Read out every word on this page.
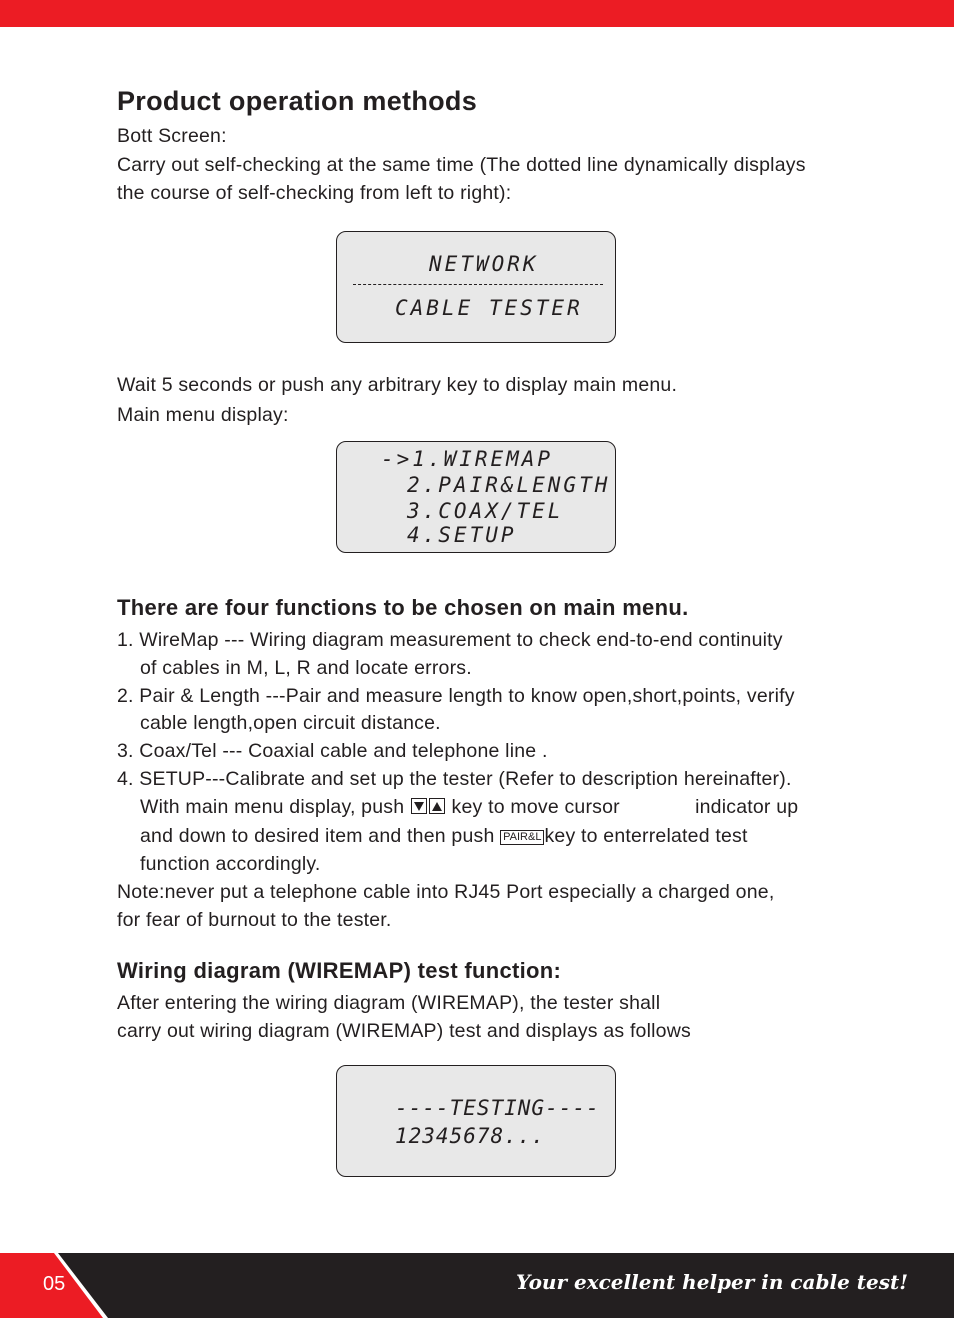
Product operation methods
Bott Screen:
Carry out self-checking at the same time (The dotted line dynamically displays
the course of self-checking from left to right):
NETWORK
CABLE TESTER
Wait 5 seconds or push any arbitrary key to display main menu.
Main menu display:
->1.WIREMAP
2.PAIR&LENGTH
3.COAX/TEL
4.SETUP
There are four functions to be chosen on main menu.
1. WireMap --- Wiring diagram measurement to check end-to-end continuity
of cables in M, L, R and locate errors.
2. Pair & Length ---Pair and measure length to know open,short,points, verify
cable length,open circuit distance.
3. Coax/Tel --- Coaxial cable and telephone line .
4. SETUP---Calibrate and set up the tester (Refer to description hereinafter).
With main menu display, push key to move cursor	indicator up
and down to desired item and then push PAIR&L key to enterrelated test
function accordingly.
Note:never put a telephone cable into RJ45 Port especially a charged one,
for fear of burnout to the tester.
Wiring diagram (WIREMAP) test function:
After entering the wiring diagram (WIREMAP), the tester shall
carry out wiring diagram (WIREMAP) test and displays as follows
----TESTING----
12345678...
05	Your excellent helper in cable test!
